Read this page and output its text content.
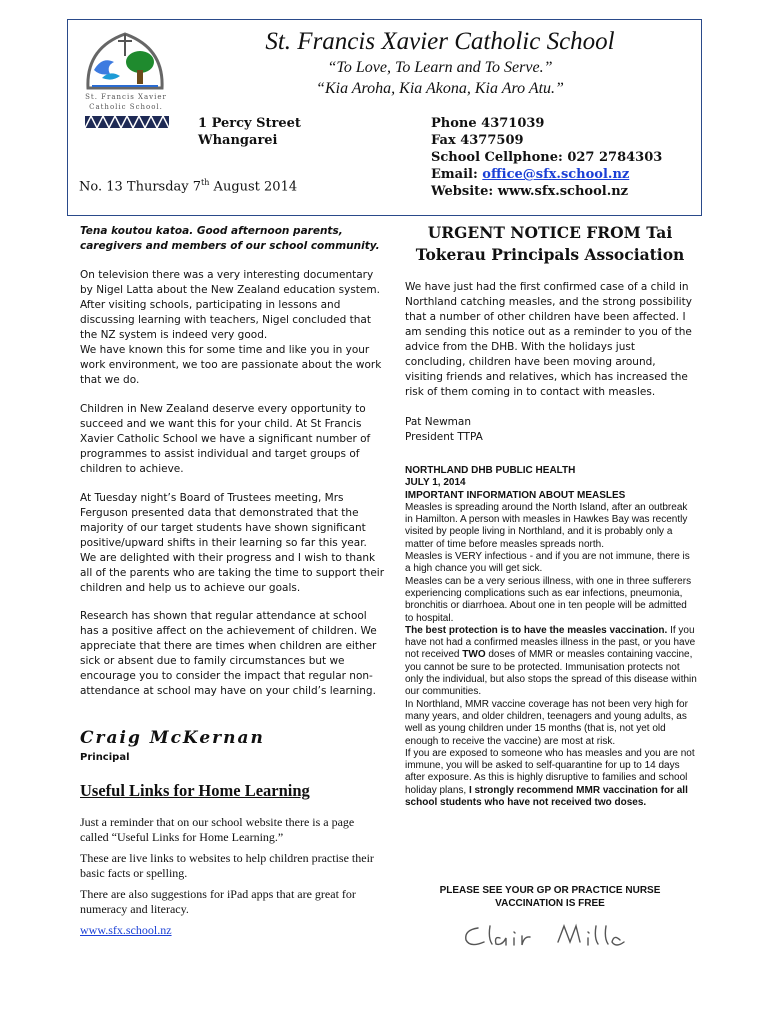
St. Francis Xavier
Catholic School.
St. Francis Xavier Catholic School
“To Love, To Learn and To Serve.”
“Kia Aroha, Kia Akona, Kia Aro Atu.”
1 Percy Street
Whangarei
Phone 4371039
Fax 4377509
School Cellphone: 027 2784303
Email: office@sfx.school.nz
Website: www.sfx.school.nz
No. 13 Thursday 7th August 2014
Tena koutou katoa. Good afternoon parents, caregivers and members of our school community.

On television there was a very interesting documentary by Nigel Latta about the New Zealand education system. After visiting schools, participating in lessons and discussing learning with teachers, Nigel concluded that the NZ system is indeed very good.

We have known this for some time and like you in your work environment, we too are passionate about the work that we do.

Children in New Zealand deserve every opportunity to succeed and we want this for your child. At St Francis Xavier Catholic School we have a significant number of programmes to assist individual and target groups of children to achieve.

At Tuesday night’s Board of Trustees meeting, Mrs Ferguson presented data that demonstrated that the majority of our target students have shown significant positive/upward shifts in their learning so far this year.

We are delighted with their progress and I wish to thank all of the parents who are taking the time to support their children and help us to achieve our goals.

Research has shown that regular attendance at school has a positive affect on the achievement of children. We appreciate that there are times when children are either sick or absent due to family circumstances but we encourage you to consider the impact that regular non-attendance at school may have on your child’s learning.

Craig McKernan
Principal
Useful Links for Home Learning

Just a reminder that on our school website there is a page called “Useful Links for Home Learning.”

These are live links to websites to help children practise their basic facts or spelling.

There are also suggestions for iPad apps that are great for numeracy and literacy.

www.sfx.school.nz
URGENT NOTICE FROM Tai
Tokerau Principals Association

We have just had the first confirmed case of a child in Northland catching measles, and the strong possibility that a number of other children have been affected. I am sending this notice out as a reminder to you of the advice from the DHB. With the holidays just concluding, children have been moving around, visiting friends and relatives, which has increased the risk of them coming in to contact with measles.

Pat Newman

President TTPA

NORTHLAND DHB PUBLIC HEALTH

JULY 1, 2014

IMPORTANT INFORMATION ABOUT MEASLES

Measles is spreading around the North Island, after an outbreak in Hamilton. A person with measles in Hawkes Bay was recently visited by people living in Northland, and it is probably only a matter of time before measles spreads north.

Measles is VERY infectious - and if you are not immune, there is a high chance you will get sick.

Measles can be a very serious illness, with one in three sufferers experiencing complications such as ear infections, pneumonia, bronchitis or diarrhoea. About one in ten people will be admitted to hospital.

The best protection is to have the measles vaccination. If you have not had a confirmed measles illness in the past, or you have not received TWO doses of MMR or measles containing vaccine, you cannot be sure to be protected. Immunisation protects not only the individual, but also stops the spread of this disease within our communities.

In Northland, MMR vaccine coverage has not been very high for many years, and older children, teenagers and young adults, as well as young children under 15 months (that is, not yet old enough to receive the vaccine) are most at risk.

If you are exposed to someone who has measles and you are not immune, you will be asked to self-quarantine for up to 14 days after exposure. As this is highly disruptive to families and school holiday plans, I strongly recommend MMR vaccination for all school students who have not received two doses.

PLEASE SEE YOUR GP OR PRACTICE NURSE
VACCINATION IS FREE
